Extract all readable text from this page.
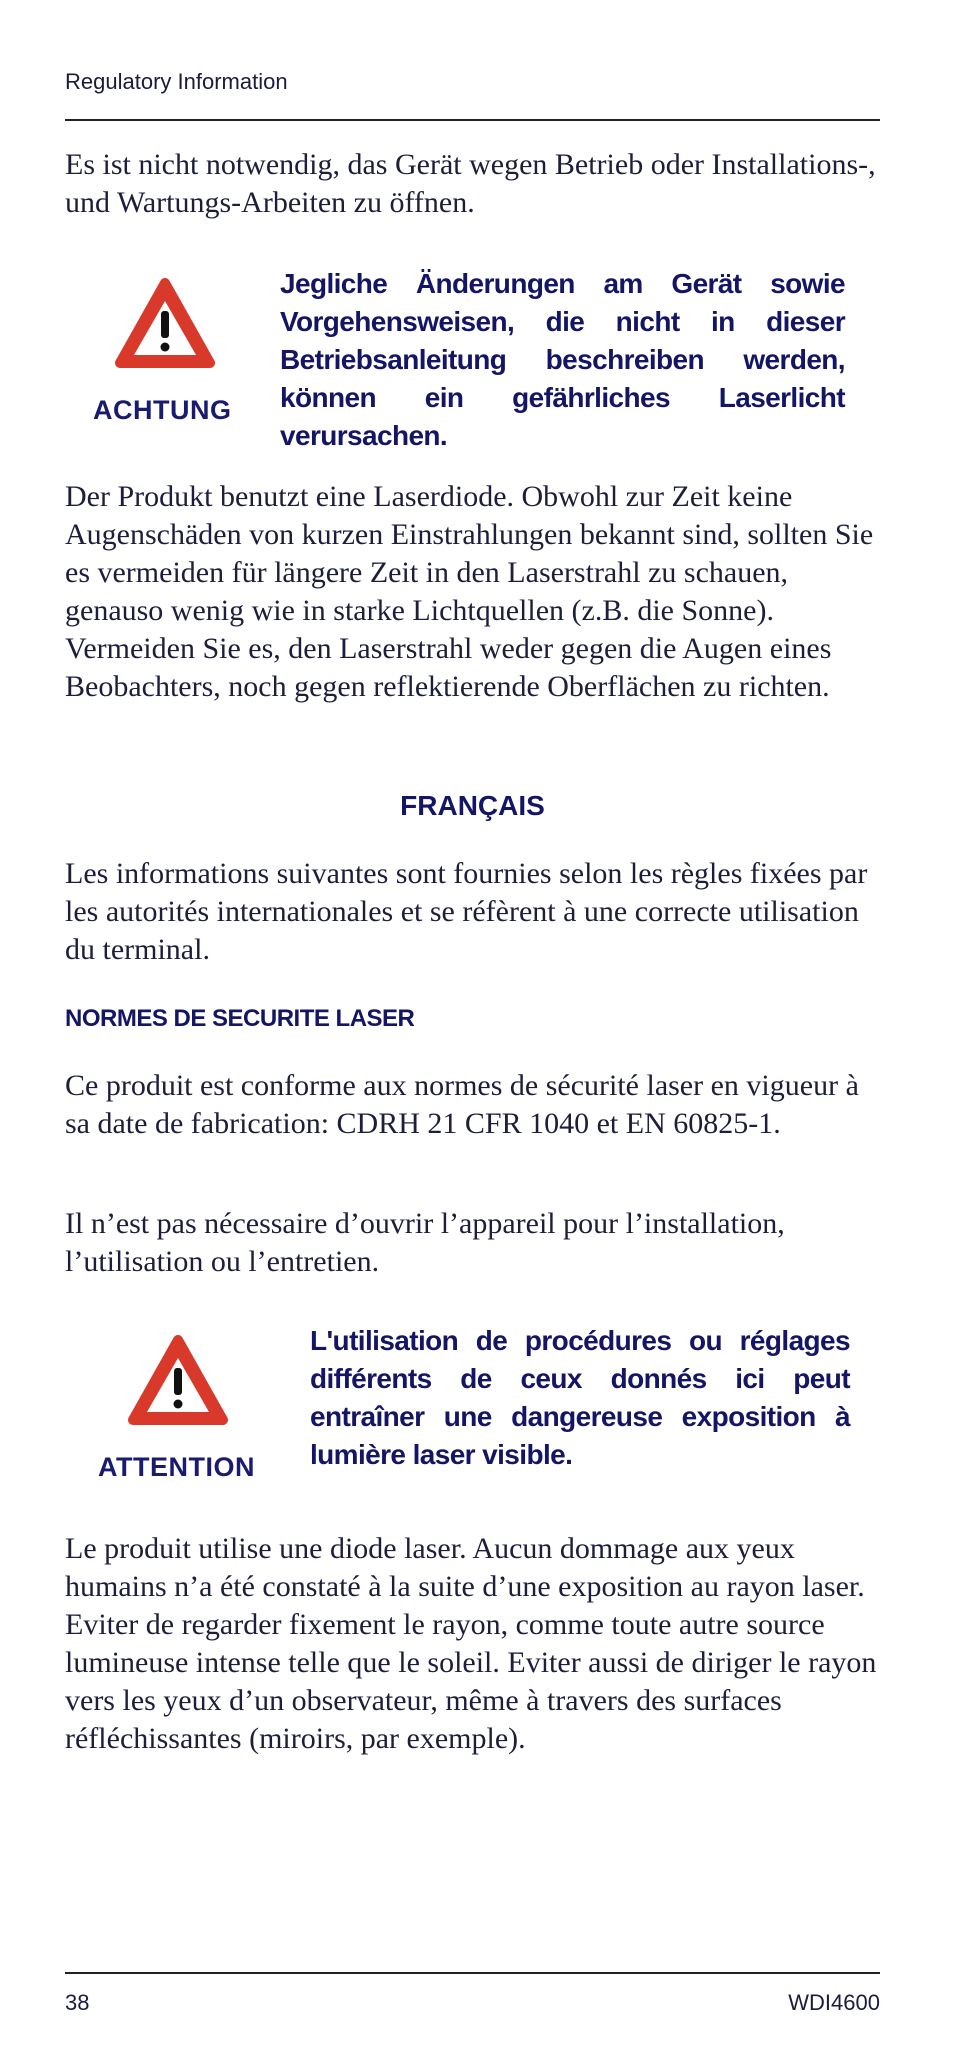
Regulatory Information
Es ist nicht notwendig, das Gerät wegen Betrieb oder Installations-, und Wartungs-Arbeiten zu öffnen.
ACHTUNG
Jegliche Änderungen am Gerät sowie Vorgehensweisen, die nicht in dieser Betriebsanleitung beschreiben werden, können ein gefährliches Laserlicht verursachen.
Der Produkt benutzt eine Laserdiode. Obwohl zur Zeit keine Augenschäden von kurzen Einstrahlungen bekannt sind, sollten Sie es vermeiden für längere Zeit in den Laserstrahl zu schauen, genauso wenig wie in starke Lichtquellen (z.B. die Sonne). Vermeiden Sie es, den Laserstrahl weder gegen die Augen eines Beobachters, noch gegen reflektierende Oberflächen zu richten.
FRANÇAIS
Les informations suivantes sont fournies selon les règles fixées par les autorités internationales et se réfèrent à une correcte utilisation du terminal.
NORMES DE SECURITE LASER
Ce produit est conforme aux normes de sécurité laser en vigueur à sa date de fabrication: CDRH 21 CFR 1040 et EN 60825-1.
Il n’est pas nécessaire d’ouvrir l’appareil pour l’installation, l’utilisation ou l’entretien.
ATTENTION
L'utilisation de procédures ou réglages différents de ceux donnés ici peut entraîner une dangereuse exposition à lumière laser visible.
Le produit utilise une diode laser. Aucun dommage aux yeux humains n’a été constaté à la suite d’une exposition au rayon laser. Eviter de regarder fixement le rayon, comme toute autre source lumineuse intense telle que le soleil. Eviter aussi de diriger le rayon vers les yeux d’un observateur, même à travers des surfaces réfléchissantes (miroirs, par exemple).
38	WDI4600
